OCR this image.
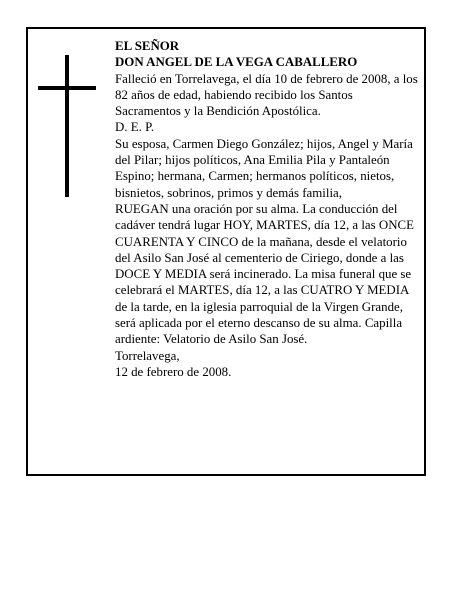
EL SEÑOR

DON ANGEL DE LA VEGA CABALLERO

Falleció en Torrelavega, el día 10 de febrero de 2008, a los 82 años de edad, habiendo recibido los Santos Sacramentos y la Bendición Apostólica.

D. E. P.

Su esposa, Carmen Diego González; hijos, Angel y María del Pilar; hijos políticos, Ana Emilia Pila y Pantaleón Espino; hermana, Carmen; hermanos políticos, nietos, bisnietos, sobrinos, primos y demás familia,

RUEGAN una oración por su alma. La conducción del cadáver tendrá lugar HOY, MARTES, día 12, a las ONCE CUARENTA Y CINCO de la mañana, desde el velatorio del Asilo San José al cementerio de Ciriego, donde a las DOCE Y MEDIA será incinerado. La misa funeral que se celebrará el MARTES, día 12, a las CUATRO Y MEDIA de la tarde, en la iglesia parroquial de la Virgen Grande, será aplicada por el eterno descanso de su alma. Capilla ardiente: Velatorio de Asilo San José.

Torrelavega,

12 de febrero de 2008.
